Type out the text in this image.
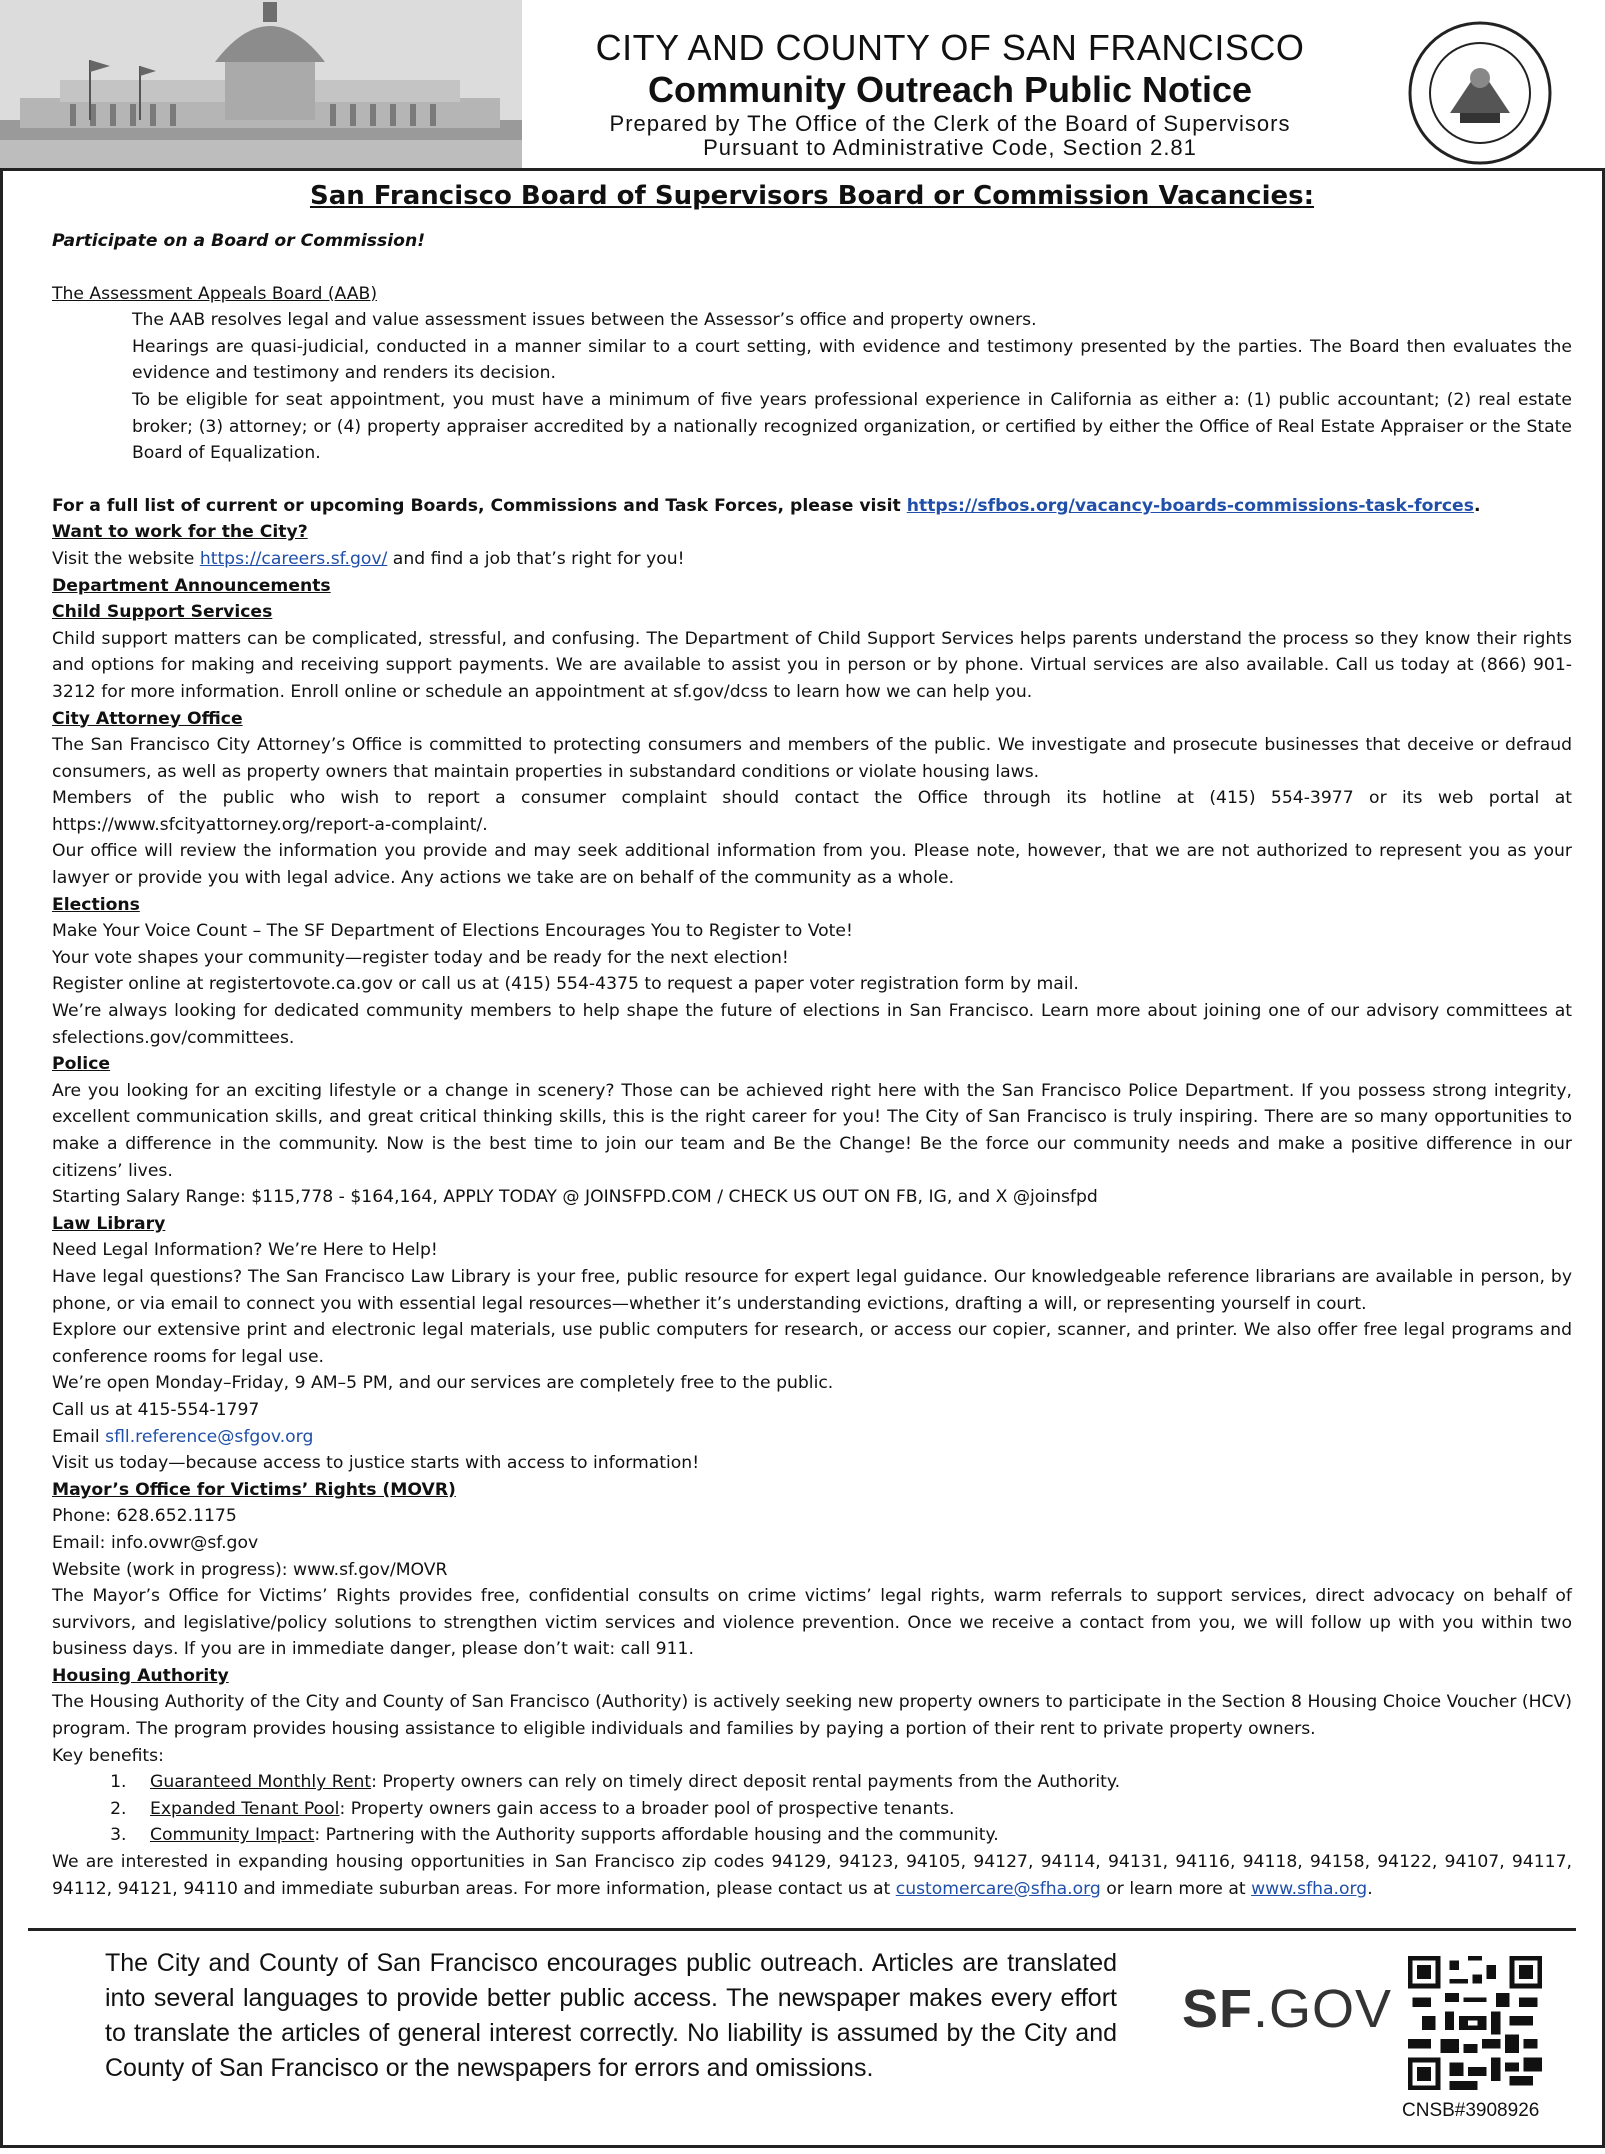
CITY AND COUNTY OF SAN FRANCISCO
Community Outreach Public Notice
Prepared by The Office of the Clerk of the Board of Supervisors
Pursuant to Administrative Code, Section 2.81
San Francisco Board of Supervisors Board or Commission Vacancies:

Participate on a Board or Commission!

The Assessment Appeals Board (AAB)

The AAB resolves legal and value assessment issues between the Assessor’s office and property owners.

Hearings are quasi-judicial, conducted in a manner similar to a court setting, with evidence and testimony presented by the parties. The Board then evaluates the evidence and testimony and renders its decision.

To be eligible for seat appointment, you must have a minimum of five years professional experience in California as either a: (1) public accountant; (2) real estate broker; (3) attorney; or (4) property appraiser accredited by a nationally recognized organization, or certified by either the Office of Real Estate Appraiser or the State Board of Equalization.

For a full list of current or upcoming Boards, Commissions and Task Forces, please visit https://sfbos.org/vacancy-boards-commissions-task-forces.

Want to work for the City?

Visit the website https://careers.sf.gov/ and find a job that’s right for you!

Department Announcements

Child Support Services

Child support matters can be complicated, stressful, and confusing. The Department of Child Support Services helps parents understand the process so they know their rights and options for making and receiving support payments. We are available to assist you in person or by phone. Virtual services are also available. Call us today at (866) 901-3212 for more information. Enroll online or schedule an appointment at sf.gov/dcss to learn how we can help you.

City Attorney Office

The San Francisco City Attorney’s Office is committed to protecting consumers and members of the public. We investigate and prosecute businesses that deceive or defraud consumers, as well as property owners that maintain properties in substandard conditions or violate housing laws.

Members of the public who wish to report a consumer complaint should contact the Office through its hotline at (415) 554-3977 or its web portal at https://www.sfcityattorney.org/report-a-complaint/.

Our office will review the information you provide and may seek additional information from you. Please note, however, that we are not authorized to represent you as your lawyer or provide you with legal advice. Any actions we take are on behalf of the community as a whole.

Elections

Make Your Voice Count – The SF Department of Elections Encourages You to Register to Vote!

Your vote shapes your community—register today and be ready for the next election!

Register online at registertovote.ca.gov or call us at (415) 554-4375 to request a paper voter registration form by mail.

We’re always looking for dedicated community members to help shape the future of elections in San Francisco. Learn more about joining one of our advisory committees at sfelections.gov/committees.

Police

Are you looking for an exciting lifestyle or a change in scenery? Those can be achieved right here with the San Francisco Police Department. If you possess strong integrity, excellent communication skills, and great critical thinking skills, this is the right career for you! The City of San Francisco is truly inspiring. There are so many opportunities to make a difference in the community. Now is the best time to join our team and Be the Change! Be the force our community needs and make a positive difference in our citizens’ lives.

Starting Salary Range: $115,778 - $164,164, APPLY TODAY @ JOINSFPD.COM / CHECK US OUT ON FB, IG, and X @joinsfpd

Law Library

Need Legal Information? We’re Here to Help!

Have legal questions? The San Francisco Law Library is your free, public resource for expert legal guidance. Our knowledgeable reference librarians are available in person, by phone, or via email to connect you with essential legal resources—whether it’s understanding evictions, drafting a will, or representing yourself in court.

Explore our extensive print and electronic legal materials, use public computers for research, or access our copier, scanner, and printer. We also offer free legal programs and conference rooms for legal use.

We’re open Monday–Friday, 9 AM–5 PM, and our services are completely free to the public.

Call us at 415-554-1797

Email sfll.reference@sfgov.org

Visit us today—because access to justice starts with access to information!

Mayor’s Office for Victims’ Rights (MOVR)

Phone: 628.652.1175

Email: info.ovwr@sf.gov

Website (work in progress): www.sf.gov/MOVR

The Mayor’s Office for Victims’ Rights provides free, confidential consults on crime victims’ legal rights, warm referrals to support services, direct advocacy on behalf of survivors, and legislative/policy solutions to strengthen victim services and violence prevention. Once we receive a contact from you, we will follow up with you within two business days. If you are in immediate danger, please don’t wait: call 911.

Housing Authority

The Housing Authority of the City and County of San Francisco (Authority) is actively seeking new property owners to participate in the Section 8 Housing Choice Voucher (HCV) program. The program provides housing assistance to eligible individuals and families by paying a portion of their rent to private property owners.

Key benefits:

1. Guaranteed Monthly Rent: Property owners can rely on timely direct deposit rental payments from the Authority.
2. Expanded Tenant Pool: Property owners gain access to a broader pool of prospective tenants.
3. Community Impact: Partnering with the Authority supports affordable housing and the community.

We are interested in expanding housing opportunities in San Francisco zip codes 94129, 94123, 94105, 94127, 94114, 94131, 94116, 94118, 94158, 94122, 94107, 94117, 94112, 94121, 94110 and immediate suburban areas. For more information, please contact us at customercare@sfha.org or learn more at www.sfha.org.

The City and County of San Francisco encourages public outreach. Articles are translated into several languages to provide better public access. The newspaper makes every effort to translate the articles of general interest correctly. No liability is assumed by the City and County of San Francisco or the newspapers for errors and omissions.
SF.GOV
CNSB#3908926
